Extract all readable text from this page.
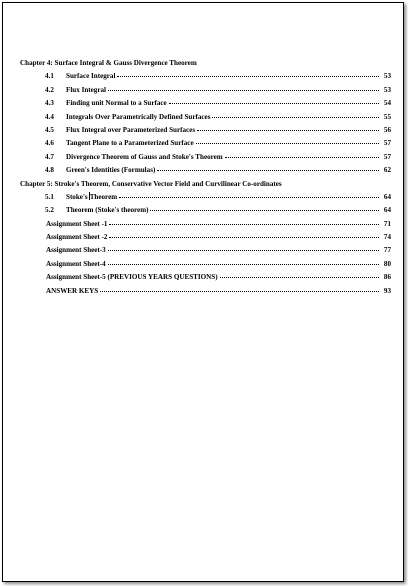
Chapter 4: Surface Integral & Gauss Divergence Theorem
4.1	Surface Integral	53
4.2	Flux Integral	53
4.3	Finding unit Normal to a Surface	54
4.4	Integrals Over Parametrically Defined Surfaces	55
4.5	Flux Integral over Parameterized Surfaces	56
4.6	Tangent Plane to a Parameterized Surface	57
4.7	Divergence Theorem of Gauss and Stoke's Theorem	57
4.8	Green's Identities (Formulas)	62
Chapter 5: Stroke's Theorem, Conservative Vector Field and Curvilinear Co-ordinates
5.1	Stoke's Theorem	64
5.2	Theorem (Stoke's theorem)	64
Assignment Sheet -1	71
Assignment Sheet -2	74
Assignment Sheet-3	77
Assignment Sheet-4	80
Assignment Sheet-5 (PREVIOUS YEARS QUESTIONS)	86
ANSWER KEYS	93
